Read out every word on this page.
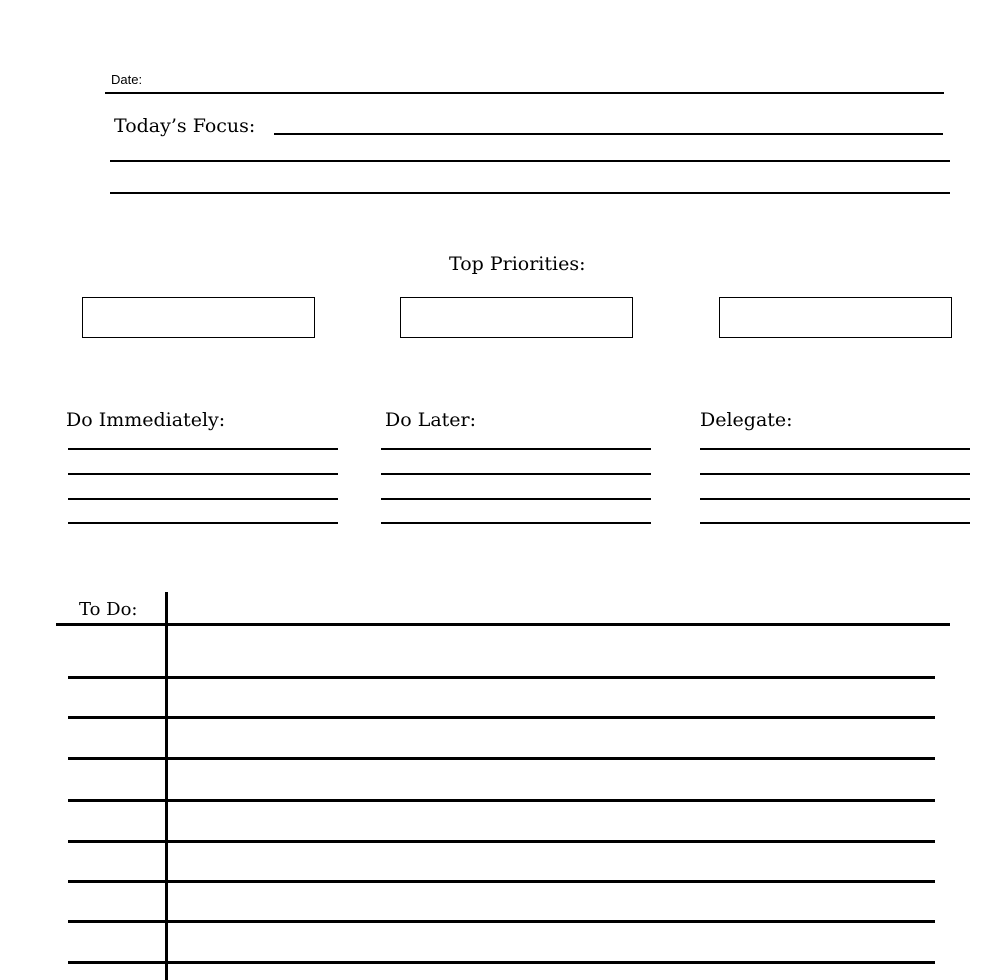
Date:
Today’s Focus:
Top Priorities:
Do Immediately:	Do Later:	Delegate:
To Do:
